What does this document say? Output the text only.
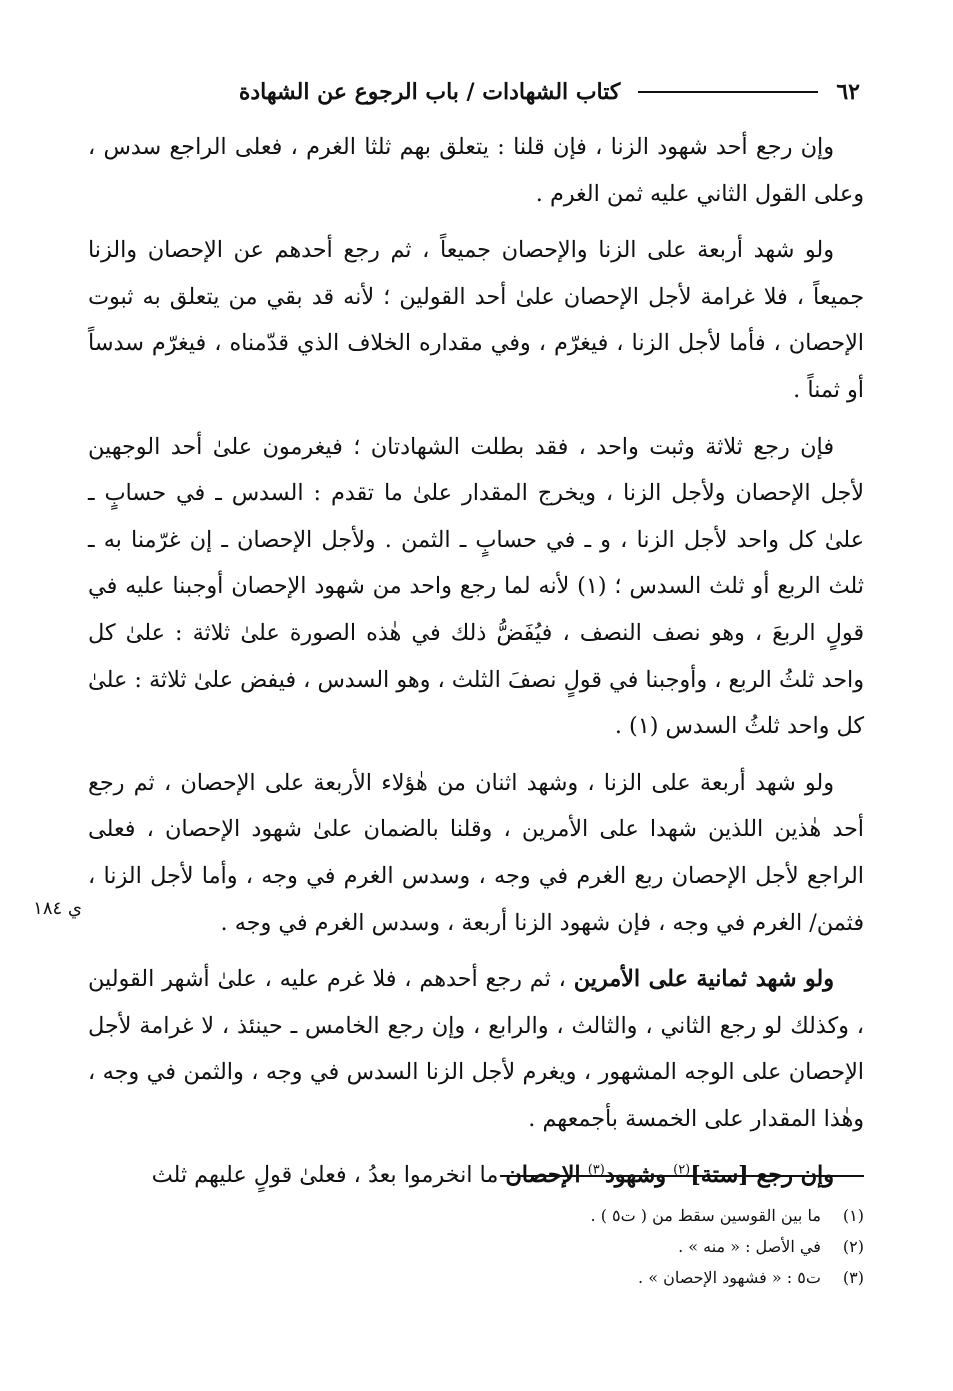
٦٢
كتاب الشهادات / باب الرجوع عن الشهادة

وإن رجع أحد شهود الزنا ، فإن قلنا : يتعلق بهم ثلثا الغرم ، فعلى الراجع سدس ، وعلى القول الثاني عليه ثمن الغرم .

ولو شهد أربعة على الزنا والإحصان جميعاً ، ثم رجع أحدهم عن الإحصان والزنا جميعاً ، فلا غرامة لأجل الإحصان علىٰ أحد القولين ؛ لأنه قد بقي من يتعلق به ثبوت الإحصان ، فأما لأجل الزنا ، فيغرّم ، وفي مقداره الخلاف الذي قدّمناه ، فيغرّم سدساً أو ثمناً .

فإن رجع ثلاثة وثبت واحد ، فقد بطلت الشهادتان ؛ فيغرمون علىٰ أحد الوجهين لأجل الإحصان ولأجل الزنا ، ويخرج المقدار علىٰ ما تقدم : السدس ـ في حسابٍ ـ علىٰ كل واحد لأجل الزنا ، و ـ في حسابٍ ـ الثمن . ولأجل الإحصان ـ إن غرّمنا به ـ ثلث الربع أو ثلث السدس ؛ (١) لأنه لما رجع واحد من شهود الإحصان أوجبنا عليه في قولٍ الربعَ ، وهو نصف النصف ، فيُفَضُّ ذلك في هٰذه الصورة علىٰ ثلاثة : علىٰ كل واحد ثلثُ الربع ، وأوجبنا في قولٍ نصفَ الثلث ، وهو السدس ، فيفض علىٰ ثلاثة : علىٰ كل واحد ثلثُ السدس (١) .

ولو شهد أربعة على الزنا ، وشهد اثنان من هٰؤلاء الأربعة على الإحصان ، ثم رجع أحد هٰذين اللذين شهدا على الأمرين ، وقلنا بالضمان علىٰ شهود الإحصان ، فعلى الراجع لأجل الإحصان ربع الغرم في وجه ، وسدس الغرم في وجه ، وأما لأجل الزنا ، فثمن/ الغرم في وجه ، فإن شهود الزنا أربعة ، وسدس الغرم في وجه .

ولو شهد ثمانية على الأمرين ، ثم رجع أحدهم ، فلا غرم عليه ، علىٰ أشهر القولين ، وكذلك لو رجع الثاني ، والثالث ، والرابع ، وإن رجع الخامس ـ حينئذ ، لا غرامة لأجل الإحصان على الوجه المشهور ، ويغرم لأجل الزنا السدس في وجه ، والثمن في وجه ، وهٰذا المقدار على الخمسة بأجمعهم .

وإن رجع [ستة]$^{(٢)}$ وشهود$^{(٣)}$ الإحصان ما انخرموا بعدُ ، فعلىٰ قولٍ عليهم ثلث

ي ١٨٤
(١) ما بين القوسين سقط من ( ت٥ ) .
(٢) في الأصل : « منه » .
(٣) ت٥ : « فشهود الإحصان » .
